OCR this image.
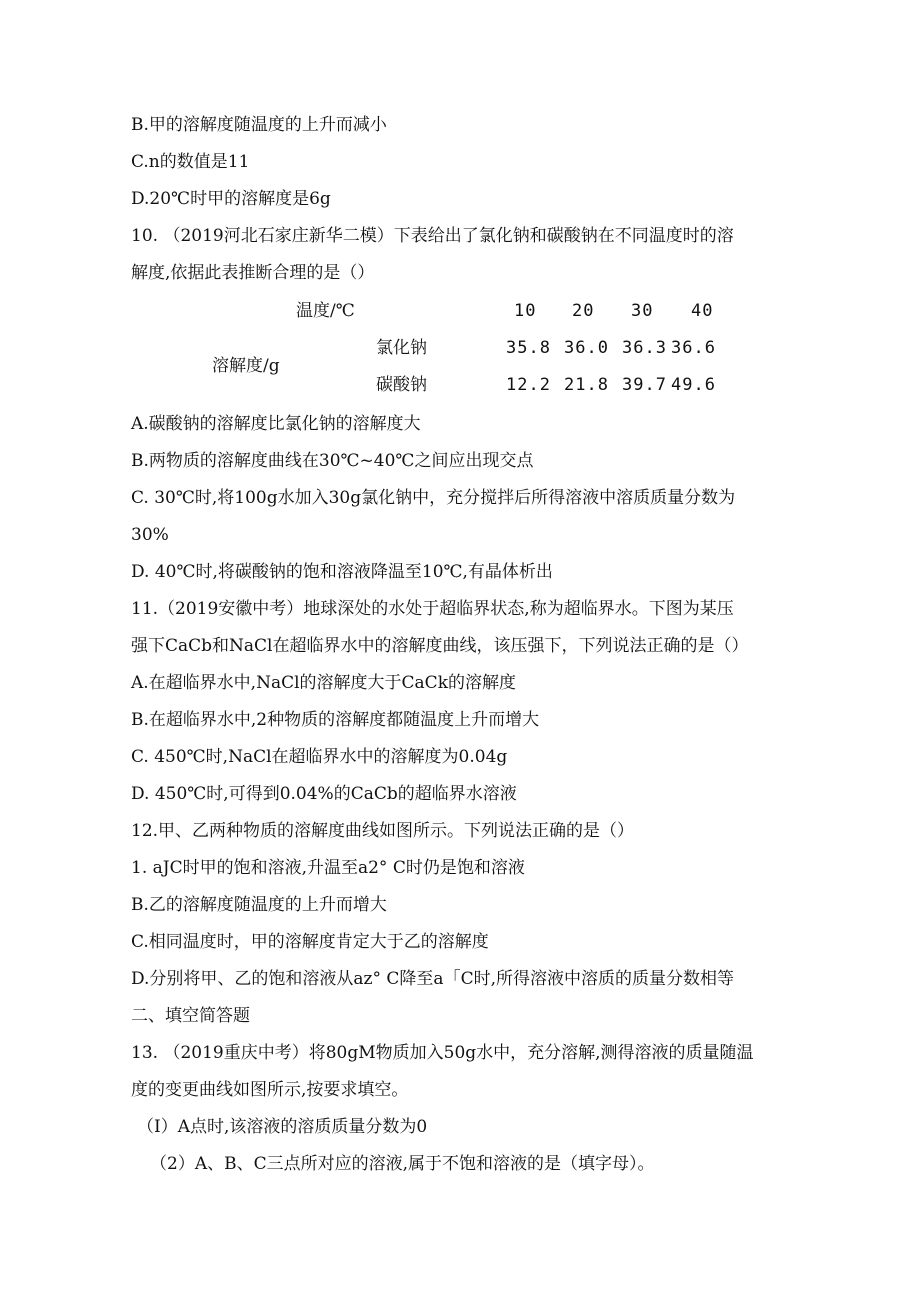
B.甲的溶解度随温度的上升而减小
C.n的数值是11
D.20℃时甲的溶解度是6g
10. （2019河北石家庄新华二模）下表给出了氯化钠和碳酸钠在不同温度时的溶
解度,依据此表推断合理的是（）
温度/℃	10 20 30 40
溶解度/g
氯化钠	35.8 36.0 36.3 36.6
碳酸钠	12.2 21.8 39.7 49.6
A.碳酸钠的溶解度比氯化钠的溶解度大
B.两物质的溶解度曲线在30℃~40℃之间应出现交点
C. 30℃时,将100g水加入30g氯化钠中，充分搅拌后所得溶液中溶质质量分数为
30%
D. 40℃时,将碳酸钠的饱和溶液降温至10℃,有晶体析出
11.（2019安徽中考）地球深处的水处于超临界状态,称为超临界水。下图为某压
强下CaCb和NaCl在超临界水中的溶解度曲线，该压强下，下列说法正确的是（）
A.在超临界水中,NaCl的溶解度大于CaCk的溶解度
B.在超临界水中,2种物质的溶解度都随温度上升而增大
C. 450℃时,NaCl在超临界水中的溶解度为0.04g
D. 450℃时,可得到0.04%的CaCb的超临界水溶液
12.甲、乙两种物质的溶解度曲线如图所示。下列说法正确的是（）
1. aJC时甲的饱和溶液,升温至a2° C时仍是饱和溶液
B.乙的溶解度随温度的上升而增大
C.相同温度时，甲的溶解度肯定大于乙的溶解度
D.分别将甲、乙的饱和溶液从az° C降至a「C时,所得溶液中溶质的质量分数相等
二、填空简答题
13. （2019重庆中考）将80gM物质加入50g水中，充分溶解,测得溶液的质量随温
度的变更曲线如图所示,按要求填空。
（I）A点时,该溶液的溶质质量分数为0
（2）A、B、C三点所对应的溶液,属于不饱和溶液的是（填字母）。
